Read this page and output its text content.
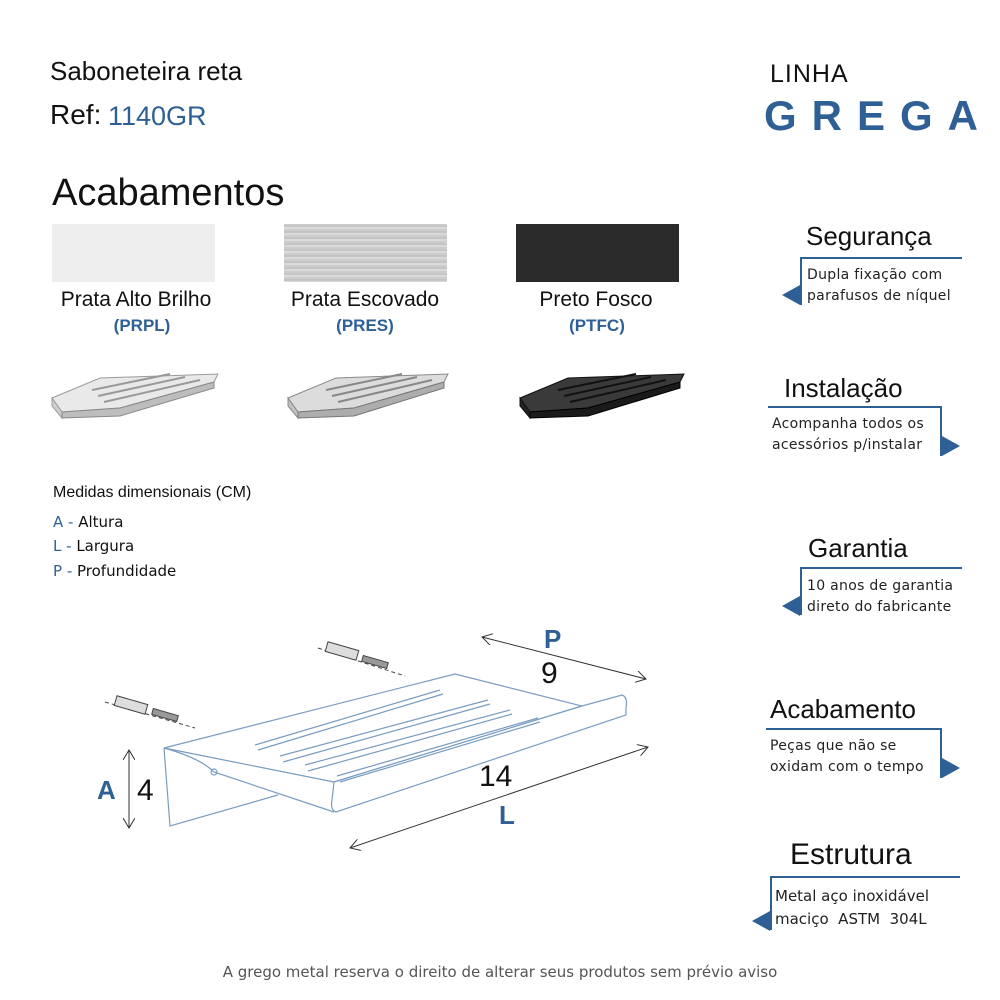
Saboneteira reta
Ref: 1140GR
LINHA
GREGA
Acabamentos
Prata Alto Brilho	Prata Escovado	Preto Fosco
(PRPL)	(PRES)	(PTFC)
Medidas dimensionais (CM)
A - Altura
L - Largura
P - Profundidade
P
9
14
L
A 4
Segurança
Dupla fixação com
parafusos de níquel
Instalação
Acompanha todos os
acessórios p/instalar
Garantia
10 anos de garantia
direto do fabricante
Acabamento
Peças que não se
oxidam com o tempo
Estrutura
Metal aço inoxidável
maciço  ASTM  304L
A grego metal reserva o direito de alterar seus produtos sem prévio aviso
